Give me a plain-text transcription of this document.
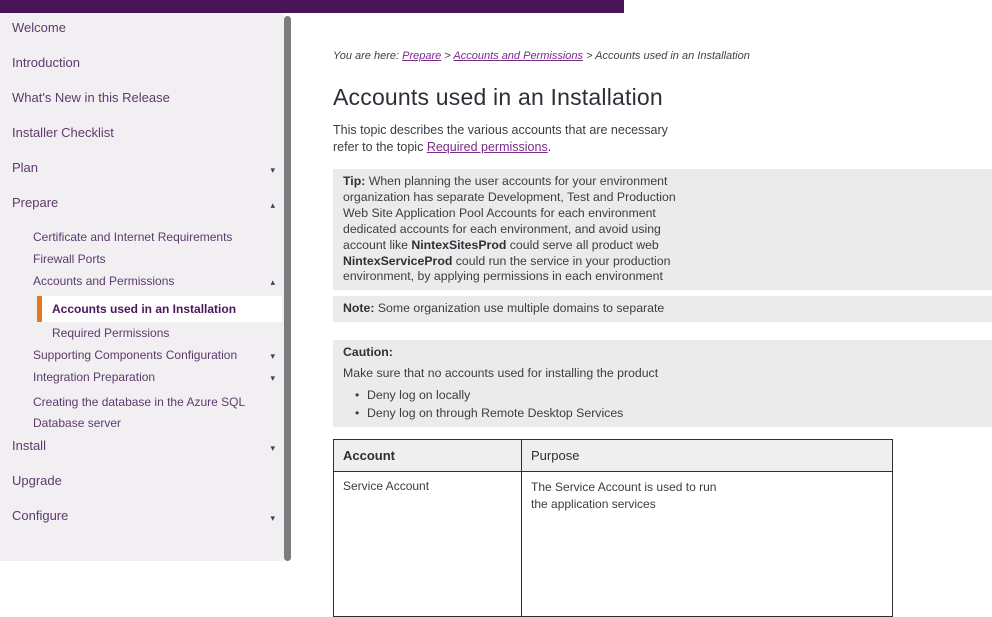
Welcome
Introduction
What's New in this Release
Installer Checklist
Plan	▾
Prepare	▴
Certificate and Internet Requirements
Firewall Ports
Accounts and Permissions	▴
Accounts used in an Installation
Required Permissions
Supporting Components Configuration	▾
Integration Preparation	▾
Creating the database in the Azure SQL Database server
Install	▾
Upgrade
Configure	▾
You are here: Prepare > Accounts and Permissions > Accounts used in an Installation
Accounts used in an Installation
This topic describes the various accounts that are necessary
refer to the topic Required permissions.
Tip: When planning the user accounts for your environment
organization has separate Development, Test and Production
Web Site Application Pool Accounts for each environment
dedicated accounts for each environment, and avoid using
account like NintexSitesProd could serve all product web
NintexServiceProd could run the service in your production
environment, by applying permissions in each environment
Note: Some organization use multiple domains to separate
Caution:
Make sure that no accounts used for installing the product
• Deny log on locally
• Deny log on through Remote Desktop Services
Account	Purpose
Service Account	The Service Account is used to run
the application services
